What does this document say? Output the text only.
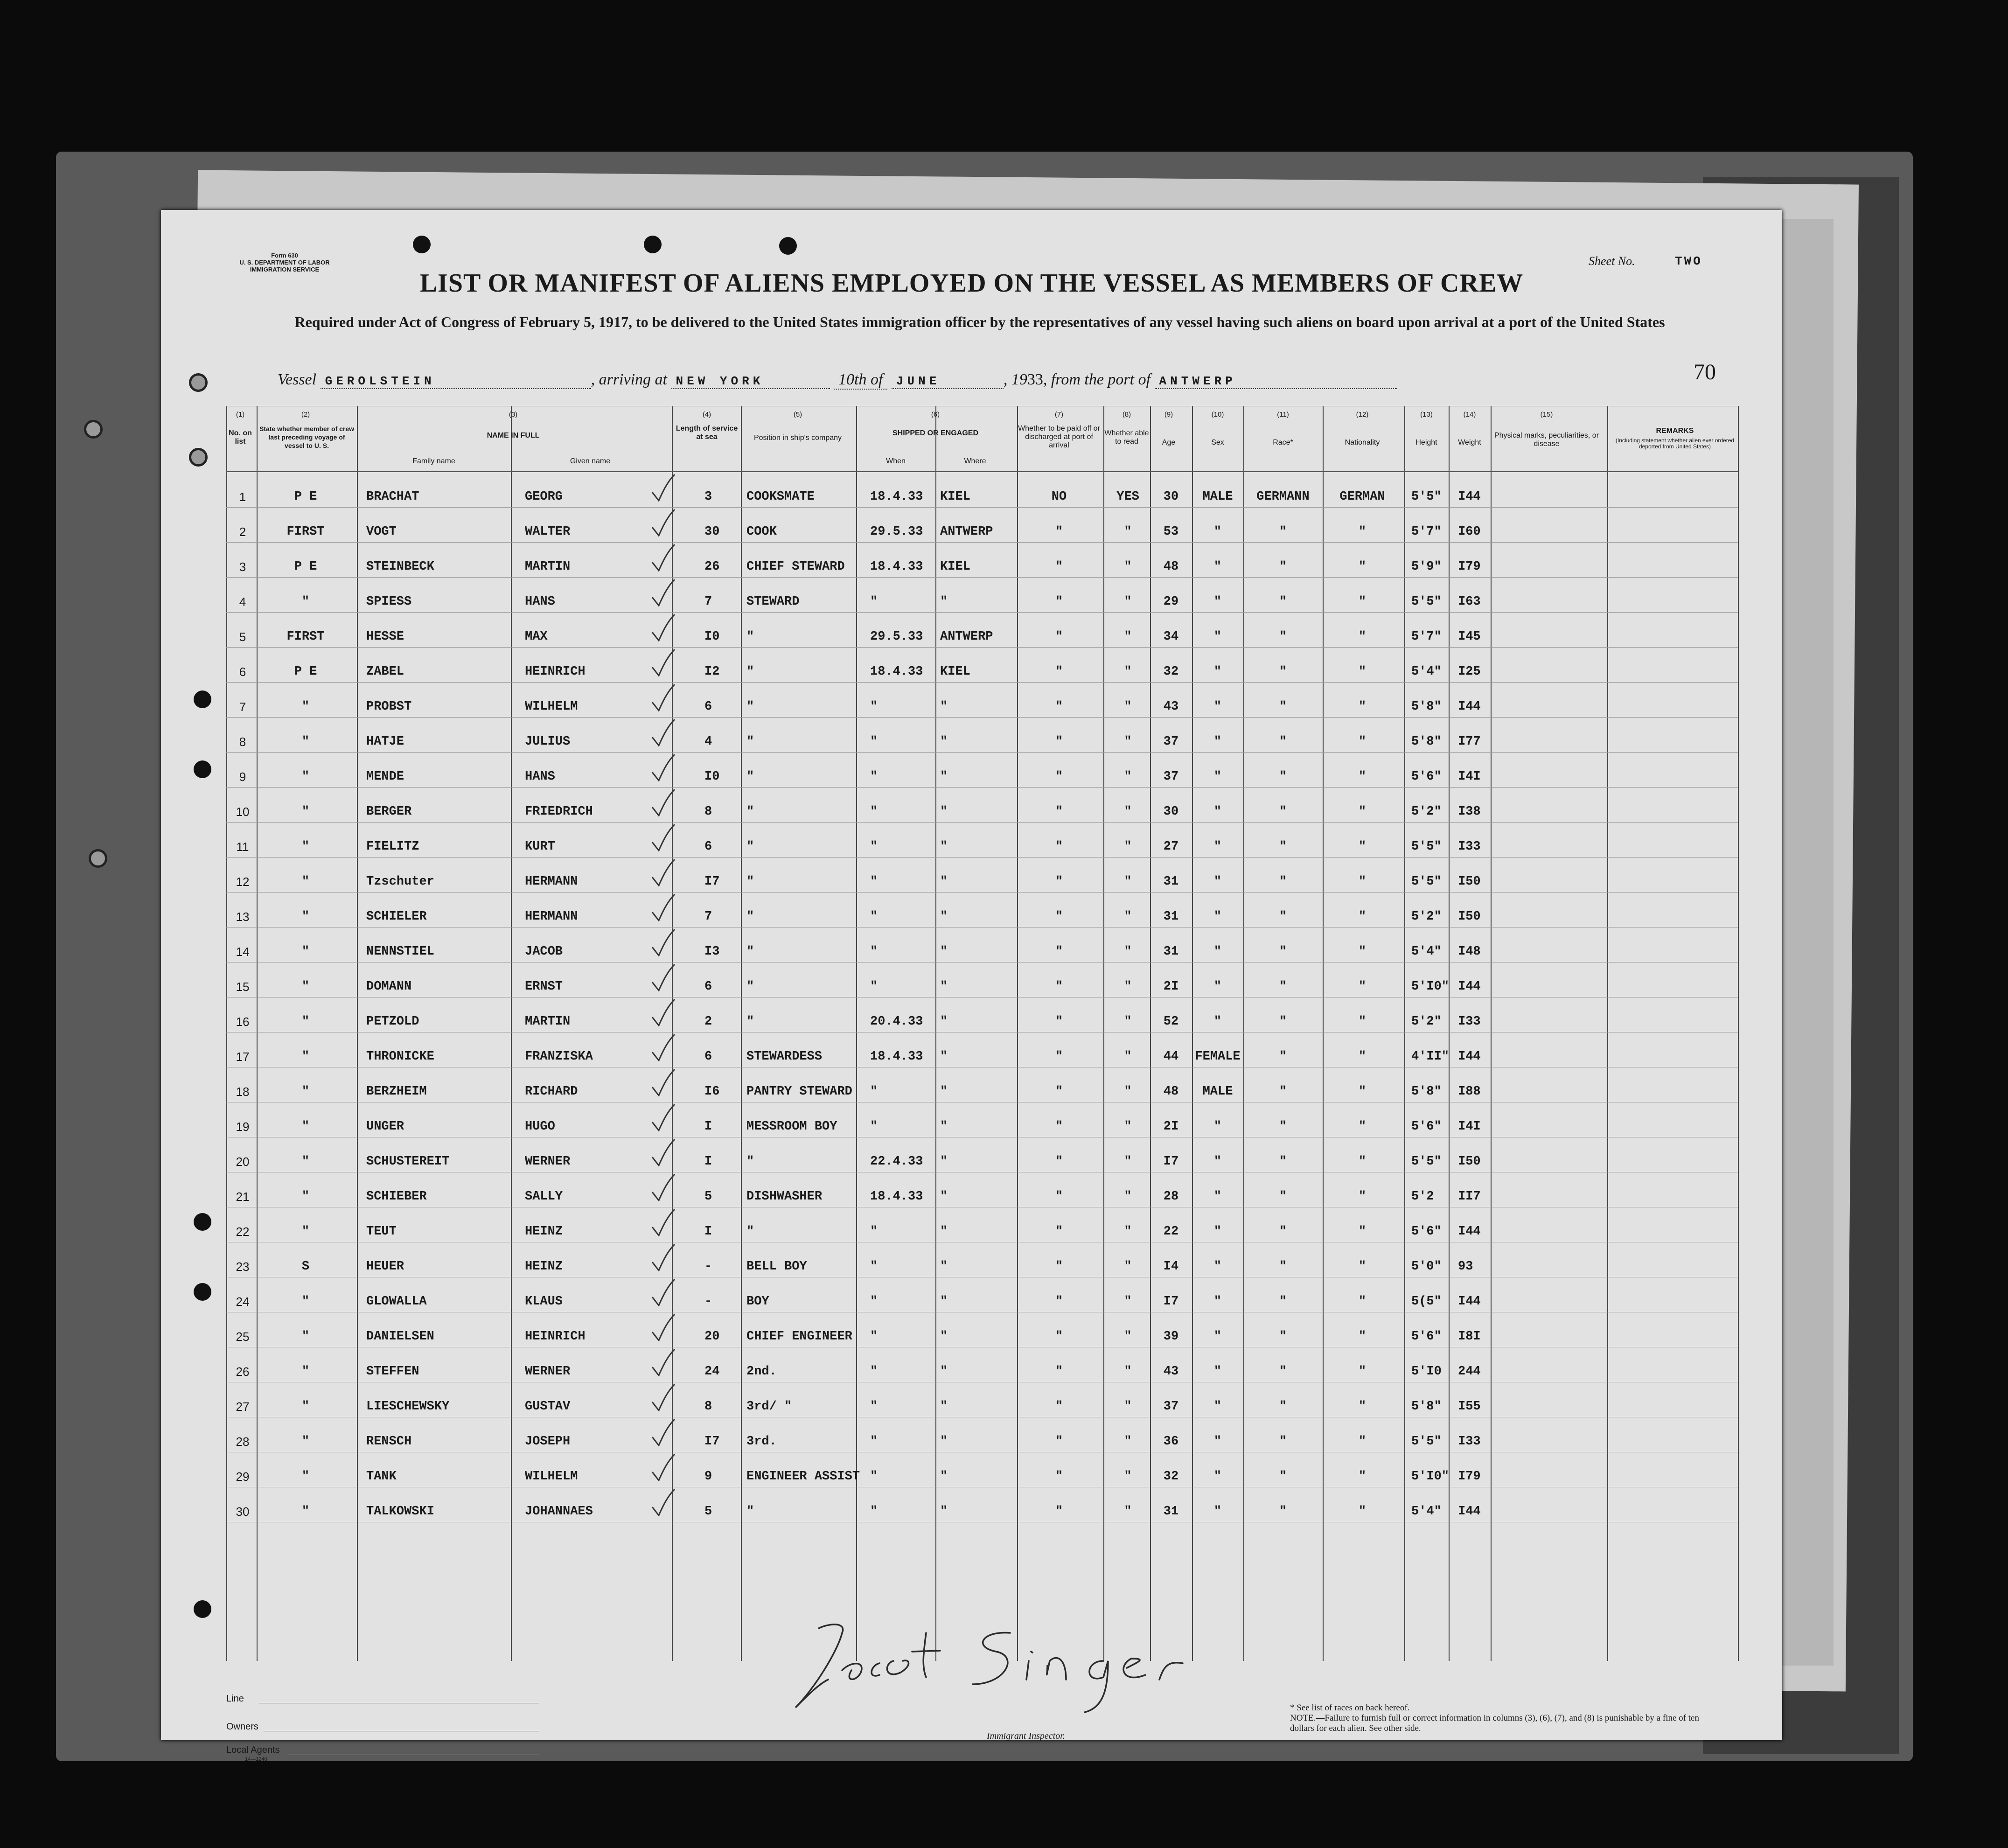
Form 630
U. S. DEPARTMENT OF LABOR
IMMIGRATION SERVICE
Sheet No.	TWO
LIST OR MANIFEST OF ALIENS EMPLOYED ON THE VESSEL AS MEMBERS OF CREW
Required under Act of Congress of February 5, 1917, to be delivered to the United States immigration officer by the representatives of any vessel having such aliens on board upon arrival at a port of the United States
70
Vessel GEROLSTEIN	, arriving at NEW YORK	10th of JUNE	, 1933, from the port of ANTWERP
(1)
No. on list
(2)
State whether member of crew last preceding voyage of vessel to U. S.
(3)
NAME IN FULL
Family name	Given name
(4)
Length of service at sea
(5)
Position in ship's company
(6)
SHIPPED OR ENGAGED
When	Where
(7)
Whether to be paid off or discharged at port of arrival
(8)
Whether able to read
(9)
Age
(10)
Sex
(11)
Race*
(12)
Nationality
(13)
Height
(14)
Weight
(15)
Physical marks, peculiarities, or disease
REMARKS
(Including statement whether alien ever ordered deported from United States)
1	P E	BRACHAT	GEORG	3	COOKSMATE	18.4.33	KIEL	NO	YES	30	MALE	GERMANN	GERMAN	5'5"	I44
2	FIRST	VOGT	WALTER	30	COOK	29.5.33	ANTWERP	"	"	53	"	"	"	5'7"	I60
3	P E	STEINBECK	MARTIN	26	CHIEF STEWARD	18.4.33	KIEL	"	"	48	"	"	"	5'9"	I79
4	"	SPIESS	HANS	7	STEWARD	"	"	"	"	29	"	"	"	5'5"	I63
5	FIRST	HESSE	MAX	I0	"	29.5.33	ANTWERP	"	"	34	"	"	"	5'7"	I45
6	P E	ZABEL	HEINRICH	I2	"	18.4.33	KIEL	"	"	32	"	"	"	5'4"	I25
7	"	PROBST	WILHELM	6	"	"	"	"	"	43	"	"	"	5'8"	I44
8	"	HATJE	JULIUS	4	"	"	"	"	"	37	"	"	"	5'8"	I77
9	"	MENDE	HANS	I0	"	"	"	"	"	37	"	"	"	5'6"	I4I
10	"	BERGER	FRIEDRICH	8	"	"	"	"	"	30	"	"	"	5'2"	I38
11	"	FIELITZ	KURT	6	"	"	"	"	"	27	"	"	"	5'5"	I33
12	"	Tzschuter	HERMANN	I7	"	"	"	"	"	31	"	"	"	5'5"	I50
13	"	SCHIELER	HERMANN	7	"	"	"	"	"	31	"	"	"	5'2"	I50
14	"	NENNSTIEL	JACOB	I3	"	"	"	"	"	31	"	"	"	5'4"	I48
15	"	DOMANN	ERNST	6	"	"	"	"	"	2I	"	"	"	5'I0" I44
16	"	PETZOLD	MARTIN	2	"	20.4.33	"	"	"	52	"	"	"	5'2"	I33
17	"	THRONICKE	FRANZISKA	6	STEWARDESS	18.4.33	"	"	"	44	FEMALE	"	"	4'II" I44
18	"	BERZHEIM	RICHARD	I6	PANTRY STEWARD	"	"	"	"	48	MALE	"	"	5'8"	I88
19	"	UNGER	HUGO	I	MESSROOM BOY	"	"	"	"	2I	"	"	"	5'6"	I4I
20	"	SCHUSTEREIT	WERNER	I	"	22.4.33	"	"	"	I7	"	"	"	5'5"	I50
21	"	SCHIEBER	SALLY	5	DISHWASHER	18.4.33	"	"	"	28	"	"	"	5'2	II7
22	"	TEUT	HEINZ	I	"	"	"	"	"	22	"	"	"	5'6"	I44
23	S	HEUER	HEINZ	-	BELL BOY	"	"	"	"	I4	"	"	"	5'0"	93
24	"	GLOWALLA	KLAUS	-	BOY	"	"	"	"	I7	"	"	"	5(5"	I44
25	"	DANIELSEN	HEINRICH	20	CHIEF ENGINEER	"	"	"	"	39	"	"	"	5'6"	I8I
26	"	STEFFEN	WERNER	24	2nd.	"	"	"	"	43	"	"	"	5'I0	244
27	"	LIESCHEWSKY	GUSTAV	8	3rd/ "	"	"	"	"	37	"	"	"	5'8"	I55
28	"	RENSCH	JOSEPH	I7	3rd.	"	"	"	"	36	"	"	"	5'5"	I33
29	"	TANK	WILHELM	9	ENGINEER ASSIST "	"	"	"	32	"	"	"	5'I0" I79
30	"	TALKOWSKI	JOHANNAES	5	"	"	"	"	"	31	"	"	"	5'4"	I44
Line
Owners
Local Agents
14—1240
Immigrant Inspector.
* See list of races on back hereof.
NOTE.—Failure to furnish full or correct information in columns (3), (6), (7), and (8) is punishable by a fine of ten dollars for each alien. See other side.
